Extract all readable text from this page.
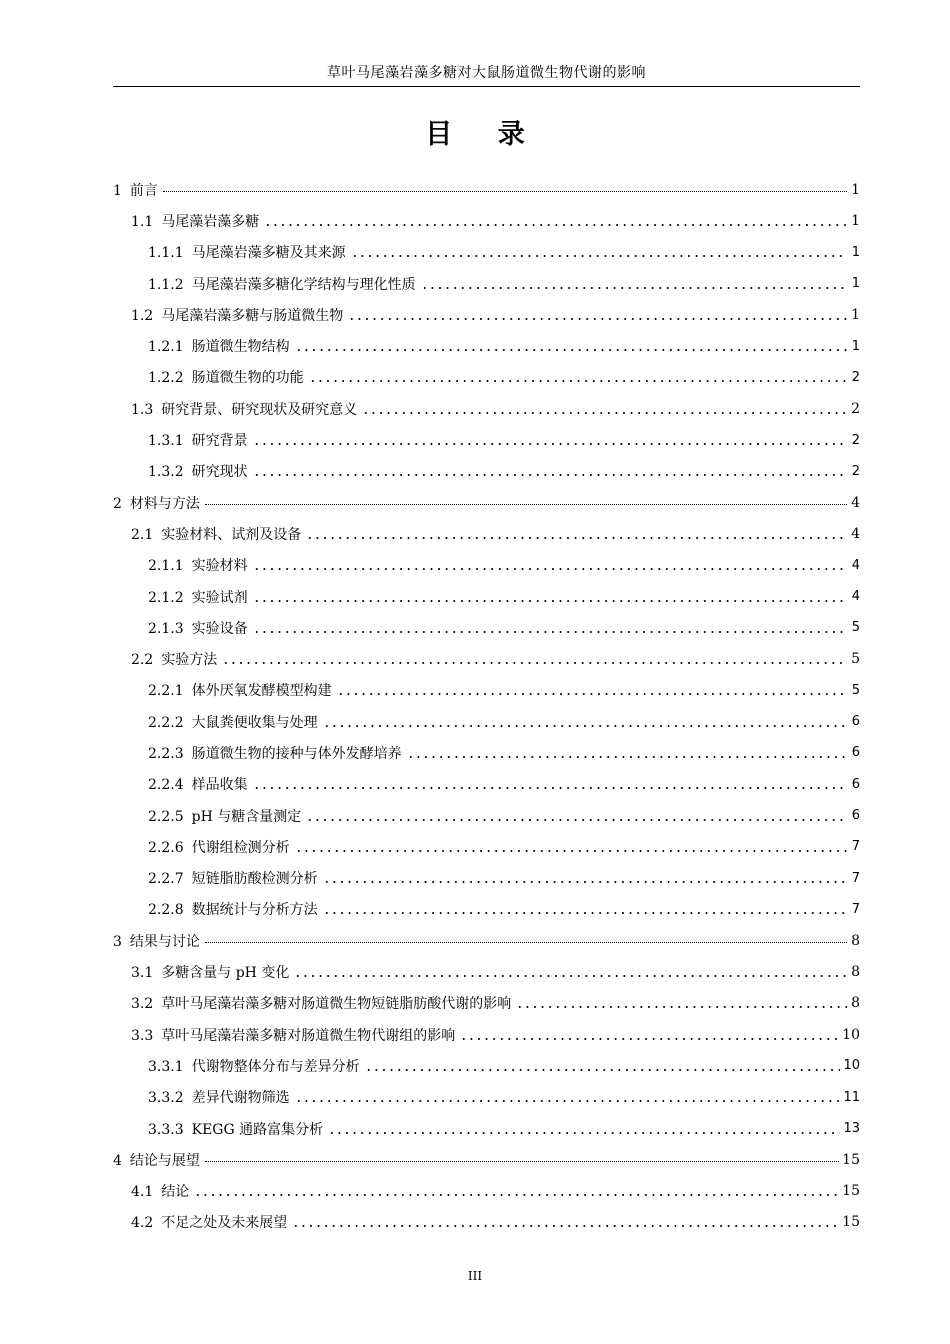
草叶马尾藻岩藻多糖对大鼠肠道微生物代谢的影响
目 录
1 前言	1
1.1 马尾藻岩藻多糖	1
1.1.1 马尾藻岩藻多糖及其来源	1
1.1.2 马尾藻岩藻多糖化学结构与理化性质	1
1.2 马尾藻岩藻多糖与肠道微生物	1
1.2.1 肠道微生物结构	1
1.2.2 肠道微生物的功能	2
1.3 研究背景、研究现状及研究意义	2
1.3.1 研究背景	2
1.3.2 研究现状	2
2 材料与方法	4
2.1 实验材料、试剂及设备	4
2.1.1 实验材料	4
2.1.2 实验试剂	4
2.1.3 实验设备	5
2.2 实验方法	5
2.2.1 体外厌氧发酵模型构建	5
2.2.2 大鼠粪便收集与处理	6
2.2.3 肠道微生物的接种与体外发酵培养	6
2.2.4 样品收集	6
2.2.5 pH 与糖含量测定	6
2.2.6 代谢组检测分析	7
2.2.7 短链脂肪酸检测分析	7
2.2.8 数据统计与分析方法	7
3 结果与讨论	8
3.1 多糖含量与 pH 变化	8
3.2 草叶马尾藻岩藻多糖对肠道微生物短链脂肪酸代谢的影响	8
3.3 草叶马尾藻岩藻多糖对肠道微生物代谢组的影响	10
3.3.1 代谢物整体分布与差异分析	10
3.3.2 差异代谢物筛选	11
3.3.3 KEGG 通路富集分析	13
4 结论与展望	15
4.1 结论	15
4.2 不足之处及未来展望	15
III
